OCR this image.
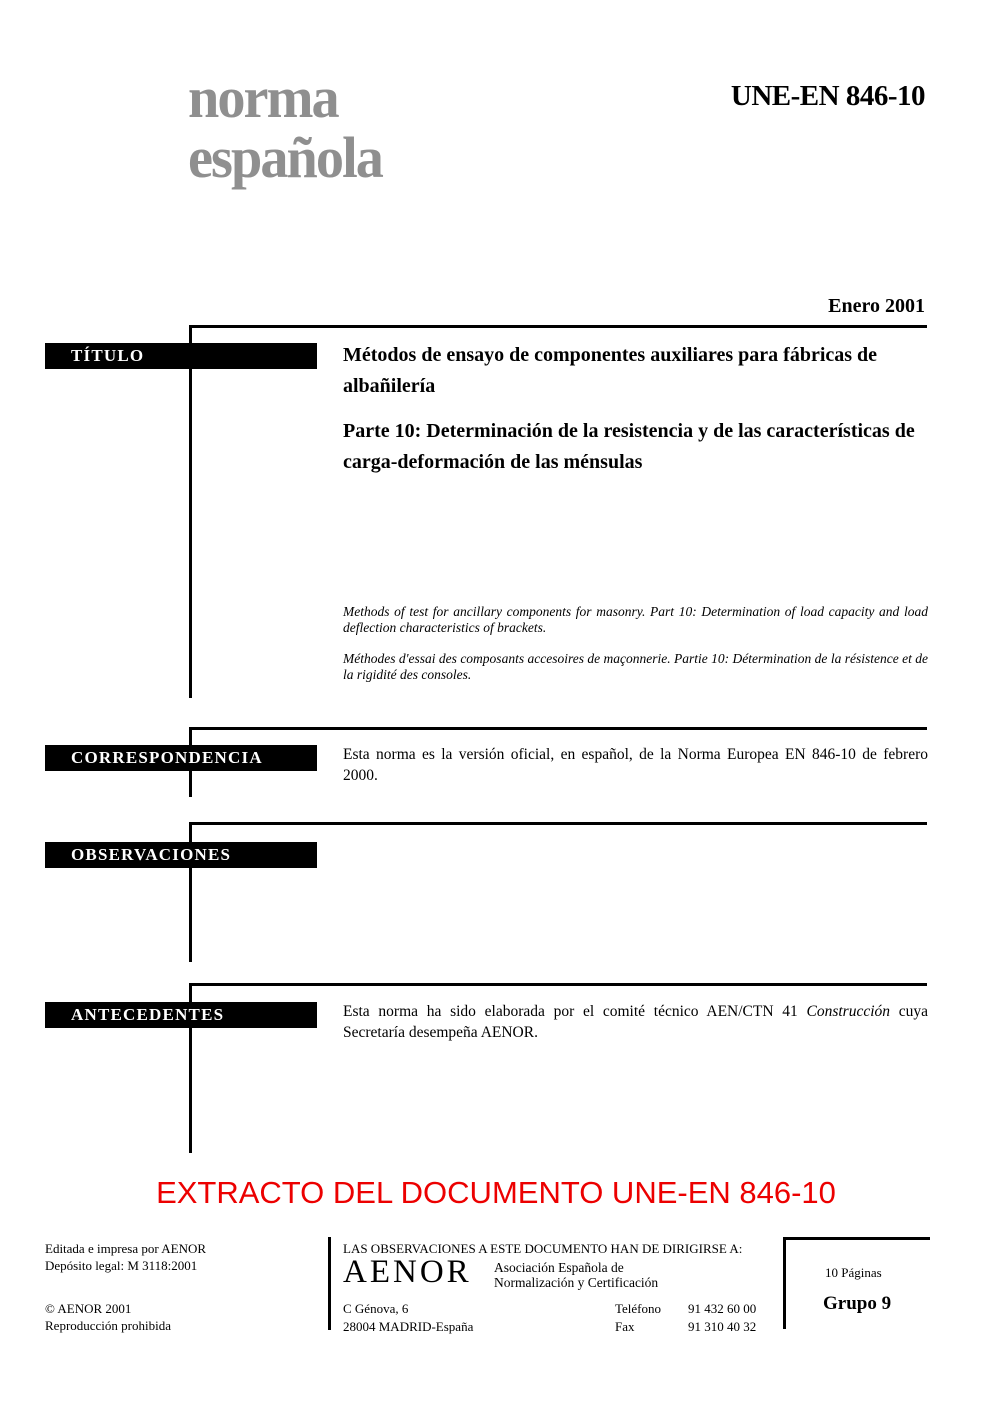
norma
española
UNE-EN 846-10
Enero 2001
TÍTULO	Métodos de ensayo de componentes auxiliares para fábricas de albañilería
Parte 10: Determinación de la resistencia y de las características de carga-deformación de las ménsulas
Methods of test for ancillary components for masonry. Part 10: Determination of load capacity and load deflection characteristics of brackets.
Méthodes d'essai des composants accesoires de maçonnerie. Partie 10: Détermination de la résistence et de la rigidité des consoles.
CORRESPONDENCIA	Esta norma es la versión oficial, en español, de la Norma Europea EN 846-10 de febrero 2000.
OBSERVACIONES
ANTECEDENTES	Esta norma ha sido elaborada por el comité técnico AEN/CTN 41 Construcción cuya Secretaría desempeña AENOR.
EXTRACTO DEL DOCUMENTO UNE-EN 846-10
Editada e impresa por AENOR
Depósito legal: M 3118:2001
© AENOR 2001
Reproducción prohibida
LAS OBSERVACIONES A ESTE DOCUMENTO HAN DE DIRIGIRSE A:
AENOR Asociación Española de
Normalización y Certificación
C Génova, 6
28004 MADRID-España
Teléfono	91 432 60 00
Fax	91 310 40 32
10 Páginas
Grupo 9
